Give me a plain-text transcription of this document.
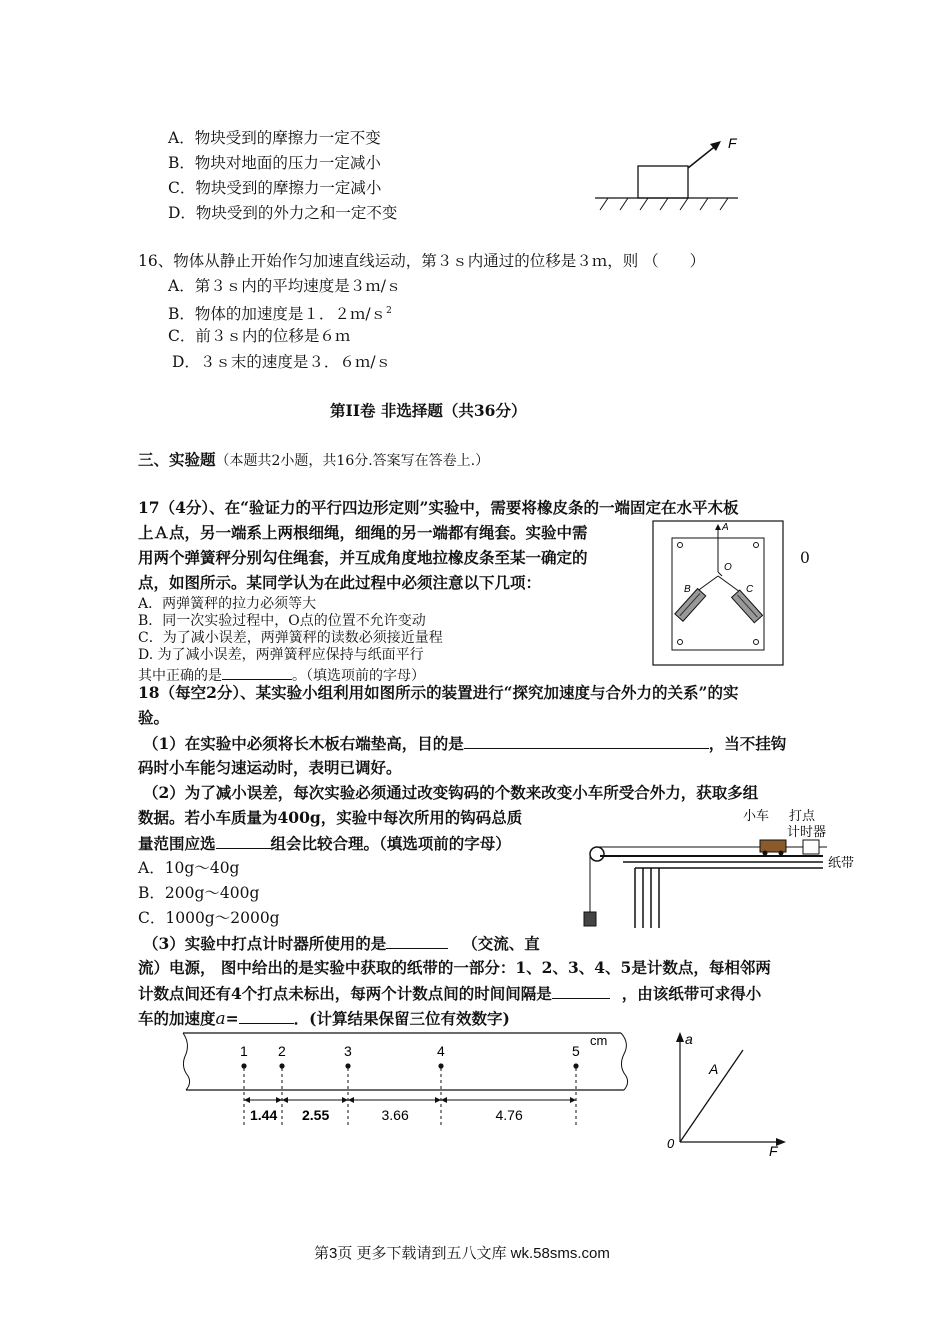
A．物块受到的摩擦力一定不变
B．物块对地面的压力一定减小
C．物块受到的摩擦力一定减小
D．物块受到的外力之和一定不变
F
16、物体从静止开始作匀加速直线运动，第３ｓ内通过的位移是３ｍ，则 （　　）
A．第３ｓ内的平均速度是３ｍ/ｓ
B．物体的加速度是１．２ｍ/ｓ$^2$
C．前３ｓ内的位移是６ｍ
D．３ｓ末的速度是３．６ｍ/ｓ
第II卷 非选择题（共36分）
三、实验题（本题共2小题，共16分.答案写在答卷上.）
17（4分）、在“验证力的平行四边形定则”实验中，需要将橡皮条的一端固定在水平木板
上Ａ点，另一端系上两根细绳，细绳的另一端都有绳套。实验中需
用两个弹簧秤分别勾住绳套，并互成角度地拉橡皮条至某一确定的	0
点，如图所示。某同学认为在此过程中必须注意以下几项：
A．两弹簧秤的拉力必须等大
B．同一次实验过程中，O点的位置不允许变动
C．为了减小误差，两弹簧秤的读数必须接近量程
D. 为了减小误差，两弹簧秤应保持与纸面平行
其中正确的是	。（填选项前的字母）
A
O
B	C
18（每空2分）、某实验小组利用如图所示的装置进行“探究加速度与合外力的关系”的实
验。
（1）在实验中必须将长木板右端垫高，目的是	，当不挂钩
码时小车能匀速运动时，表明已调好。
（2）为了减小误差，每次实验必须通过改变钩码的个数来改变小车所受合外力，获取多组
数据。若小车质量为400g，实验中每次所用的钩码总质
量范围应选	组会比较合理。（填选项前的字母）
A．10g～40g
B．200g～400g
C．1000g～2000g
（3）实验中打点计时器所使用的是	（交流、直
流）电源， 图中给出的是实验中获取的纸带的一部分：1、2、3、4、5是计数点，每相邻两
计数点间还有4个打点未标出，每两个计数点间的时间间隔是	，由该纸带可求得小
车的加速度a=	．(计算结果保留三位有效数字)
小车 打点
计时器
纸带
cm
1 2	3	4	5
1.44 2.55	3.66	4.76
a
F
0
A
第3页 更多下载请到五八文库 wk.58sms.com
